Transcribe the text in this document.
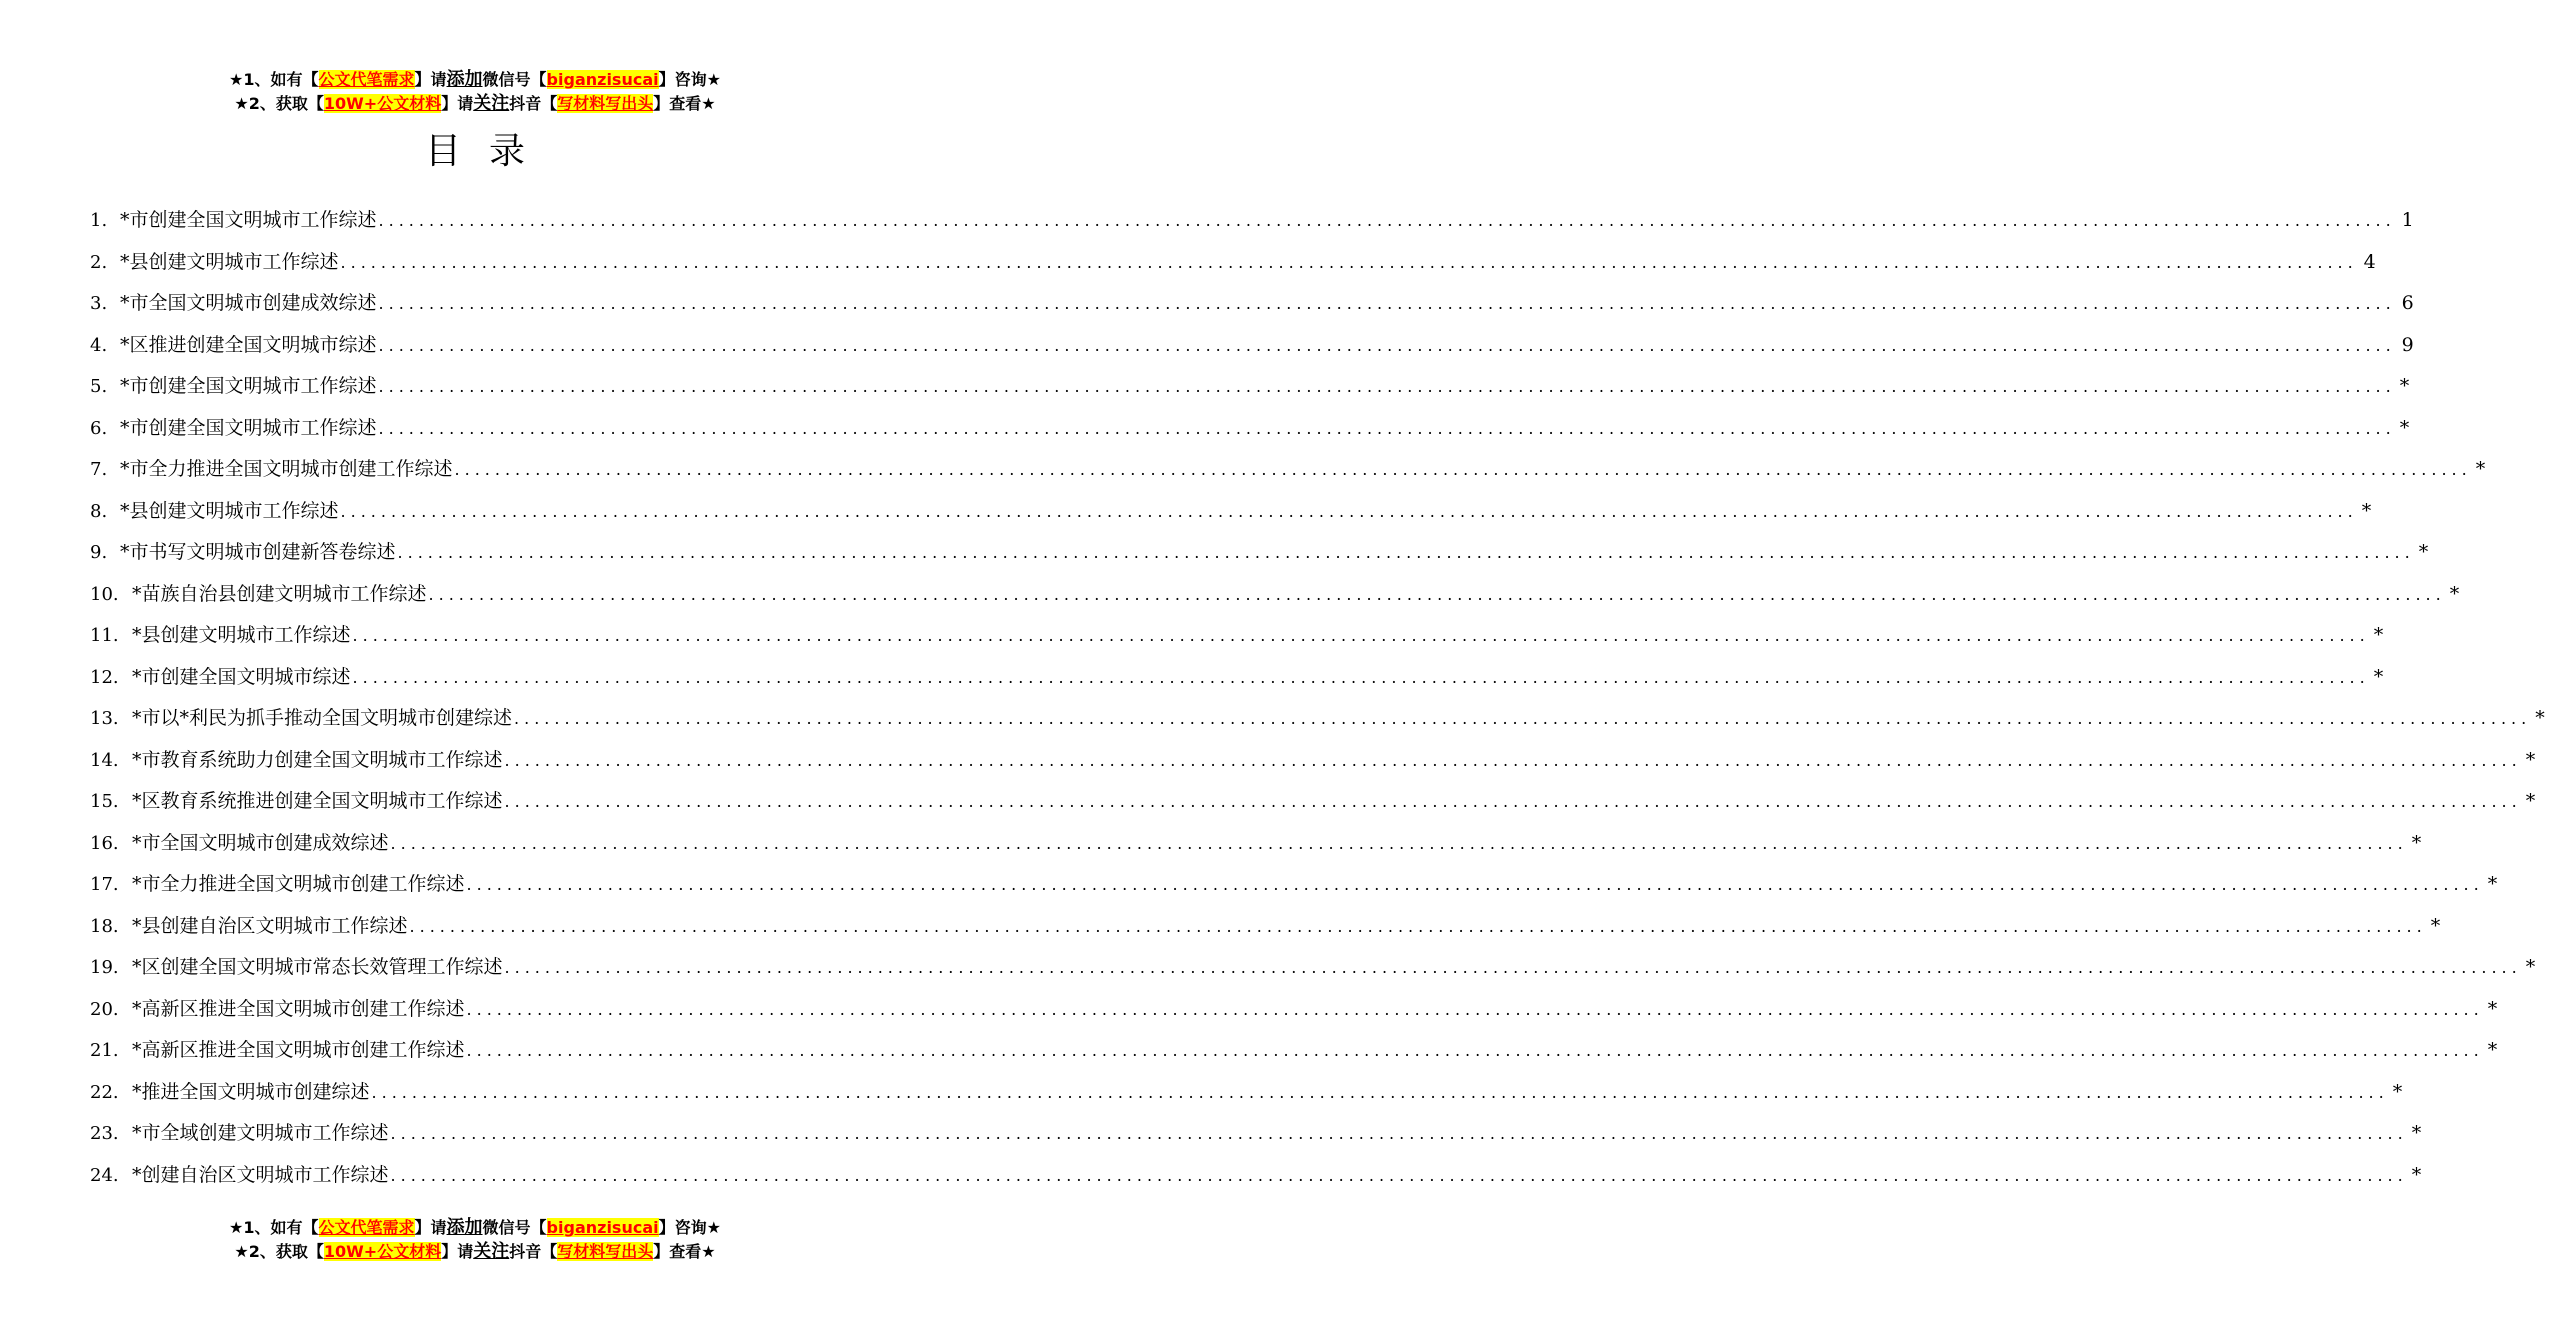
★1、如有【公文代笔需求】请添加微信号【biganzisucai】咨询★
★2、获取【10W+公文材料】请关注抖音【写材料写出头】查看★
目录
1. *市创建全国文明城市工作综述 ........................................................................................................................................................................................................ 1
2. *县创建文明城市工作综述 ........................................................................................................................................................................................................ 4
3. *市全国文明城市创建成效综述 ........................................................................................................................................................................................................ 6
4. *区推进创建全国文明城市综述 ........................................................................................................................................................................................................ 9
5. *市创建全国文明城市工作综述 ........................................................................................................................................................................................................ *
6. *市创建全国文明城市工作综述 ........................................................................................................................................................................................................ *
7. *市全力推进全国文明城市创建工作综述 ........................................................................................................................................................................................................ *
8. *县创建文明城市工作综述 ........................................................................................................................................................................................................ *
9. *市书写文明城市创建新答卷综述 ........................................................................................................................................................................................................ *
10. *苗族自治县创建文明城市工作综述 ........................................................................................................................................................................................................ *
11. *县创建文明城市工作综述 ........................................................................................................................................................................................................ *
12. *市创建全国文明城市综述 ........................................................................................................................................................................................................ *
13. *市以*利民为抓手推动全国文明城市创建综述 ........................................................................................................................................................................................................ *
14. *市教育系统助力创建全国文明城市工作综述 ........................................................................................................................................................................................................ *
15. *区教育系统推进创建全国文明城市工作综述 ........................................................................................................................................................................................................ *
16. *市全国文明城市创建成效综述 ........................................................................................................................................................................................................ *
17. *市全力推进全国文明城市创建工作综述 ........................................................................................................................................................................................................ *
18. *县创建自治区文明城市工作综述 ........................................................................................................................................................................................................ *
19. *区创建全国文明城市常态长效管理工作综述 ........................................................................................................................................................................................................ *
20. *高新区推进全国文明城市创建工作综述 ........................................................................................................................................................................................................ *
21. *高新区推进全国文明城市创建工作综述 ........................................................................................................................................................................................................ *
22. *推进全国文明城市创建综述 ........................................................................................................................................................................................................ *
23. *市全域创建文明城市工作综述 ........................................................................................................................................................................................................ *
24. *创建自治区文明城市工作综述 ........................................................................................................................................................................................................ *
★1、如有【公文代笔需求】请添加微信号【biganzisucai】咨询★
★2、获取【10W+公文材料】请关注抖音【写材料写出头】查看★
